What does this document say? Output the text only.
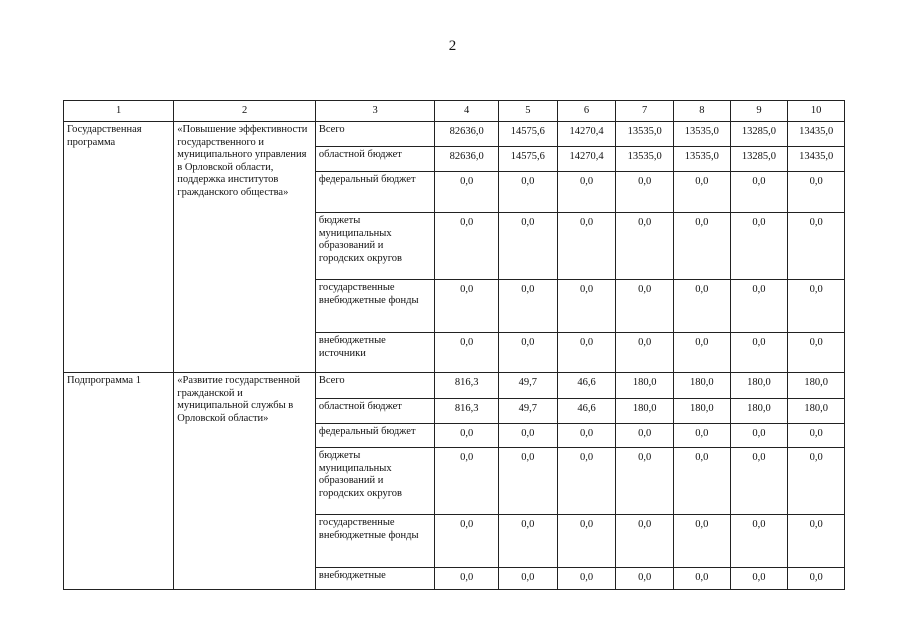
2
1	2	3	4	5	6	7	8	9	10
Государственная программа	«Повышение эффективности государственного и муниципального управления в Орловской области, поддержка институтов гражданского общества»	Всего	82636,0	14575,6	14270,4	13535,0	13535,0	13285,0	13435,0
		областной бюджет	82636,0	14575,6	14270,4	13535,0	13535,0	13285,0	13435,0
		федеральный бюджет	0,0	0,0	0,0	0,0	0,0	0,0	0,0
		бюджеты муниципальных образований и городских округов	0,0	0,0	0,0	0,0	0,0	0,0	0,0
		государственные внебюджетные фонды	0,0	0,0	0,0	0,0	0,0	0,0	0,0
		внебюджетные источники	0,0	0,0	0,0	0,0	0,0	0,0	0,0
Подпрограмма 1	«Развитие государственной гражданской и муниципальной службы в Орловской области»	Всего	816,3	49,7	46,6	180,0	180,0	180,0	180,0
		областной бюджет	816,3	49,7	46,6	180,0	180,0	180,0	180,0
		федеральный бюджет	0,0	0,0	0,0	0,0	0,0	0,0	0,0
		бюджеты муниципальных образований и городских округов	0,0	0,0	0,0	0,0	0,0	0,0	0,0
		государственные внебюджетные фонды	0,0	0,0	0,0	0,0	0,0	0,0	0,0
		внебюджетные	0,0	0,0	0,0	0,0	0,0	0,0	0,0
